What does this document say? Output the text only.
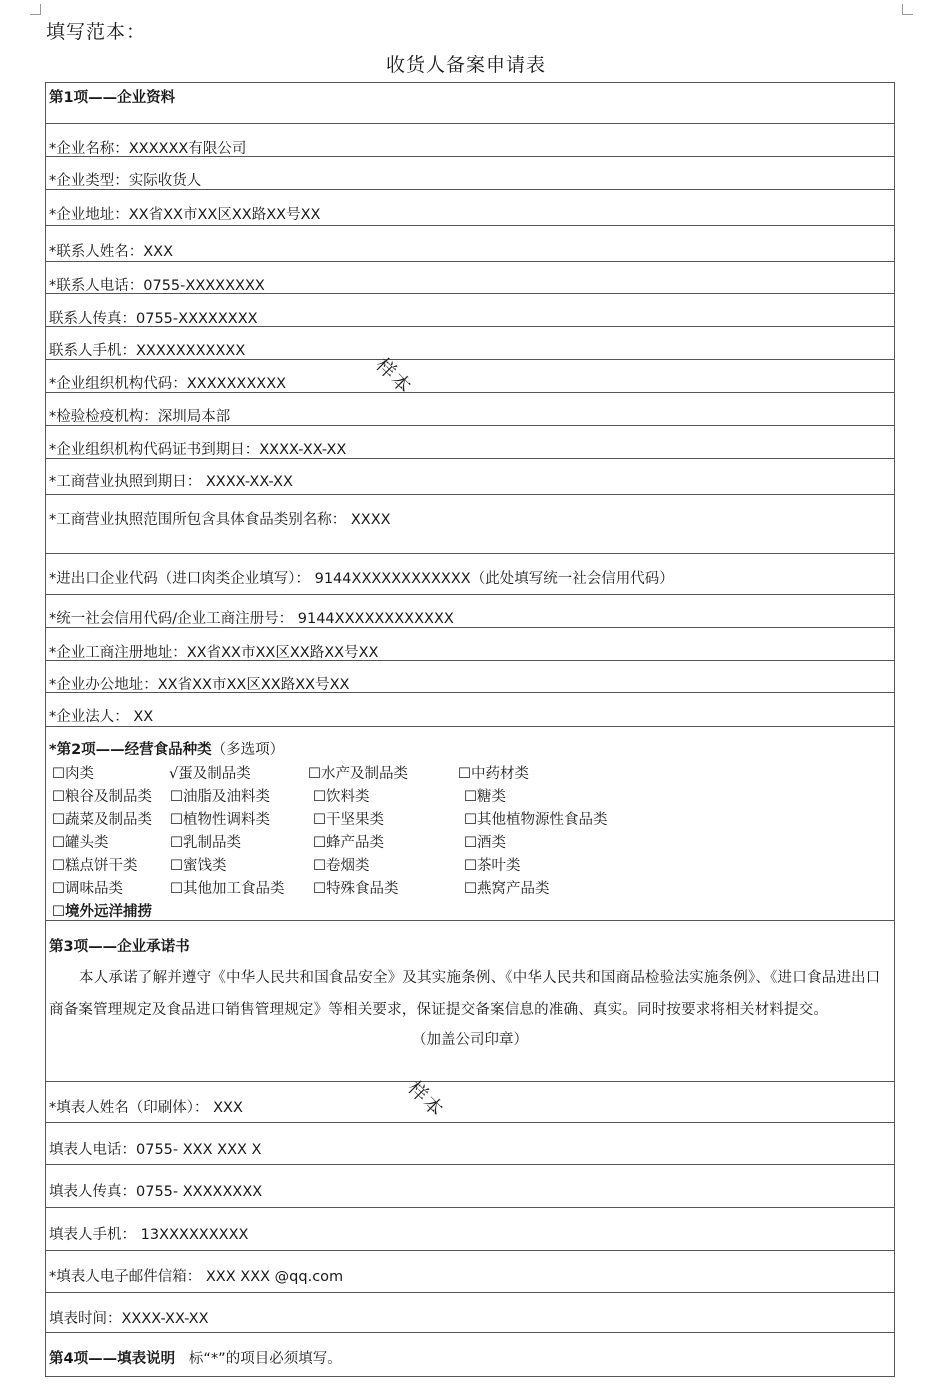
填写范本：
收货人备案申请表
第1项——企业资料
*企业名称：XXXXXX有限公司
*企业类型：实际收货人
*企业地址：XX省XX市XX区XX路XX号XX
*联系人姓名：XXX
*联系人电话：0755-XXXXXXXX
联系人传真：0755-XXXXXXXX
联系人手机：XXXXXXXXXXX
*企业组织机构代码：XXXXXXXXXX
*检验检疫机构：深圳局本部
*企业组织机构代码证书到期日：XXXX-XX-XX
*工商营业执照到期日： XXXX-XX-XX
*工商营业执照范围所包含具体食品类别名称： XXXX
*进出口企业代码（进口肉类企业填写）： 9144XXXXXXXXXXXX（此处填写统一社会信用代码）
*统一社会信用代码/企业工商注册号： 9144XXXXXXXXXXXX
*企业工商注册地址：XX省XX市XX区XX路XX号XX
*企业办公地址：XX省XX市XX区XX路XX号XX
*企业法人： XX
*第2项——经营食品种类（多选项）
☐肉类	√蛋及制品类	☐水产及制品类	☐中药材类
☐粮谷及制品类 ☐油脂及油料类	☐饮料类	☐糖类
☐蔬菜及制品类 ☐植物性调料类	☐干坚果类	☐其他植物源性食品类
☐罐头类	☐乳制品类	☐蜂产品类	☐酒类
☐糕点饼干类 ☐蜜饯类	☐卷烟类	☐茶叶类
☐调味品类	☐其他加工食品类 ☐特殊食品类	☐燕窝产品类
☐境外远洋捕捞
第3项——企业承诺书
本人承诺了解并遵守《中华人民共和国食品安全》及其实施条例、《中华人民共和国商品检验法实施条例》、《进口食品进出口商备案管理规定及食品进口销售管理规定》等相关要求，保证提交备案信息的准确、真实。同时按要求将相关材料提交。
（加盖公司印章）
*填表人姓名（印刷体）： XXX
填表人电话：0755- XXX XXX X
填表人传真：0755- XXXXXXXX
填表人手机： 13XXXXXXXXX
*填表人电子邮件信箱： XXX XXX @qq.com
填表时间：XXXX-XX-XX
第4项——填表说明 标“*”的项目必须填写。
样本
样本
